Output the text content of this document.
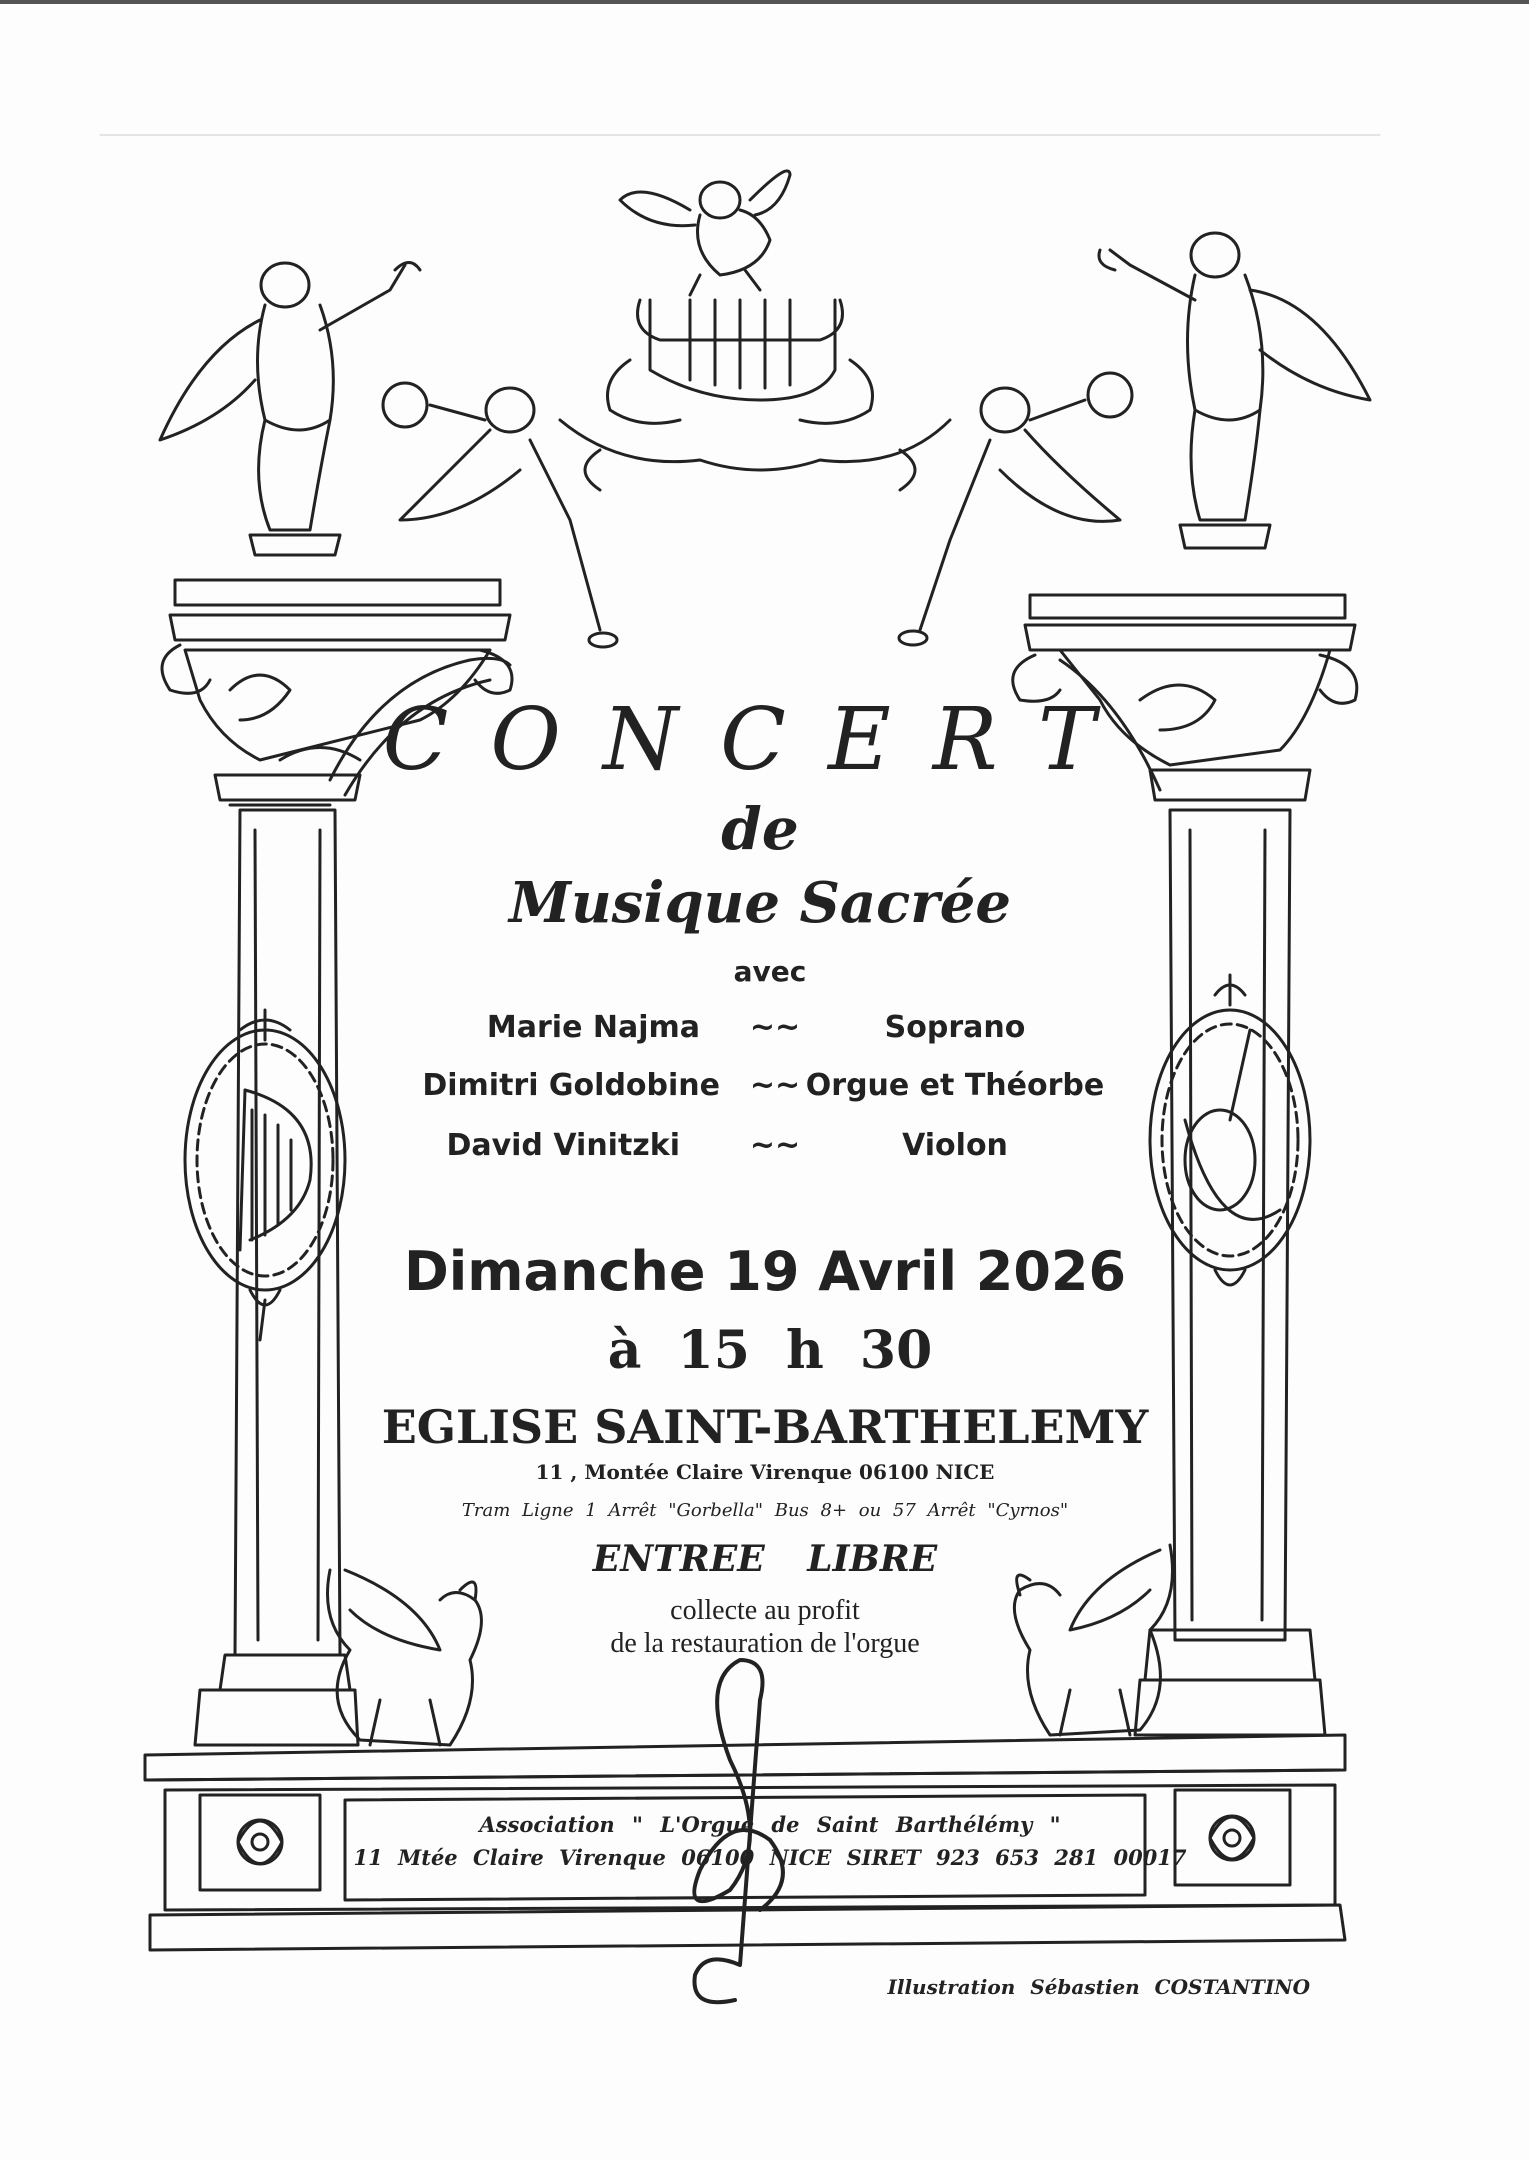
CONCERT
de
Musique Sacrée
avec
Marie Najma	~~	Soprano
Dimitri Goldobine ~~ Orgue et Théorbe
David Vinitzki	~~	Violon
Dimanche 19 Avril 2026
à 15 h 30
EGLISE SAINT-BARTHELEMY
11 , Montée Claire Virenque 06100 NICE
Tram Ligne 1 Arrêt "Gorbella" Bus 8+ ou 57 Arrêt "Cyrnos"
ENTREE LIBRE
collecte au profit
de la restauration de l'orgue
Association " L'Orgue de Saint Barthélémy "
11 Mtée Claire Virenque 06100 NICE SIRET 923 653 281 00017
Illustration Sébastien COSTANTINO
